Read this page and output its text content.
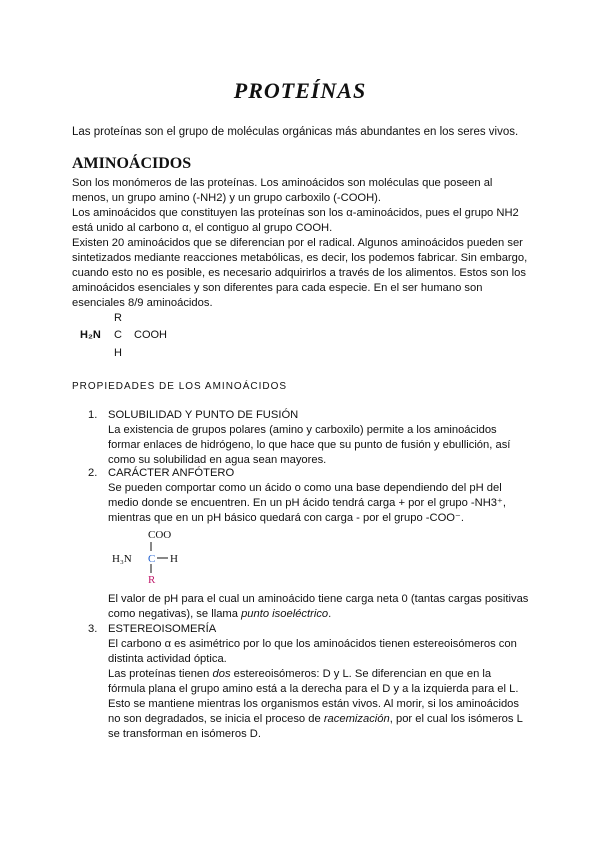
PROTEÍNAS
Las proteínas son el grupo de moléculas orgánicas más abundantes en los seres vivos.
AMINOÁCIDOS
Son los monómeros de las proteínas. Los aminoácidos son moléculas que poseen al
menos, un grupo amino (-NH2) y un grupo carboxilo (-COOH).
Los aminoácidos que constituyen las proteínas son los α-aminoácidos, pues el grupo NH2
está unido al carbono α, el contiguo al grupo COOH.
Existen 20 aminoácidos que se diferencian por el radical. Algunos aminoácidos pueden ser
sintetizados mediante reacciones metabólicas, es decir, los podemos fabricar. Sin embargo,
cuando esto no es posible, es necesario adquirirlos a través de los alimentos. Estos son los
aminoácidos esenciales y son diferentes para cada especie. En el ser humano son
esenciales 8/9 aminoácidos.
R
H₂N C COOH
H
PROPIEDADES DE LOS AMINOÁCIDOS
1. SOLUBILIDAD Y PUNTO DE FUSIÓN
La existencia de grupos polares (amino y carboxilo) permite a los aminoácidos
formar enlaces de hidrógeno, lo que hace que su punto de fusión y ebullición, así
como su solubilidad en agua sean mayores.
2. CARÁCTER ANFÓTERO
Se pueden comportar como un ácido o como una base dependiendo del pH del
medio donde se encuentren. En un pH ácido tendrá carga + por el grupo -NH3⁺,
mientras que en un pH básico quedará con carga - por el grupo -COO⁻.
COO
H₃N C H
R
El valor de pH para el cual un aminoácido tiene carga neta 0 (tantas cargas positivas
como negativas), se llama punto isoeléctrico.
3. ESTEREOISOMERÍA
El carbono α es asimétrico por lo que los aminoácidos tienen estereoisómeros con
distinta actividad óptica.
Las proteínas tienen dos estereoisómeros: D y L. Se diferencian en que en la
fórmula plana el grupo amino está a la derecha para el D y a la izquierda para el L.
Esto se mantiene mientras los organismos están vivos. Al morir, si los aminoácidos
no son degradados, se inicia el proceso de racemización, por el cual los isómeros L
se transforman en isómeros D.
